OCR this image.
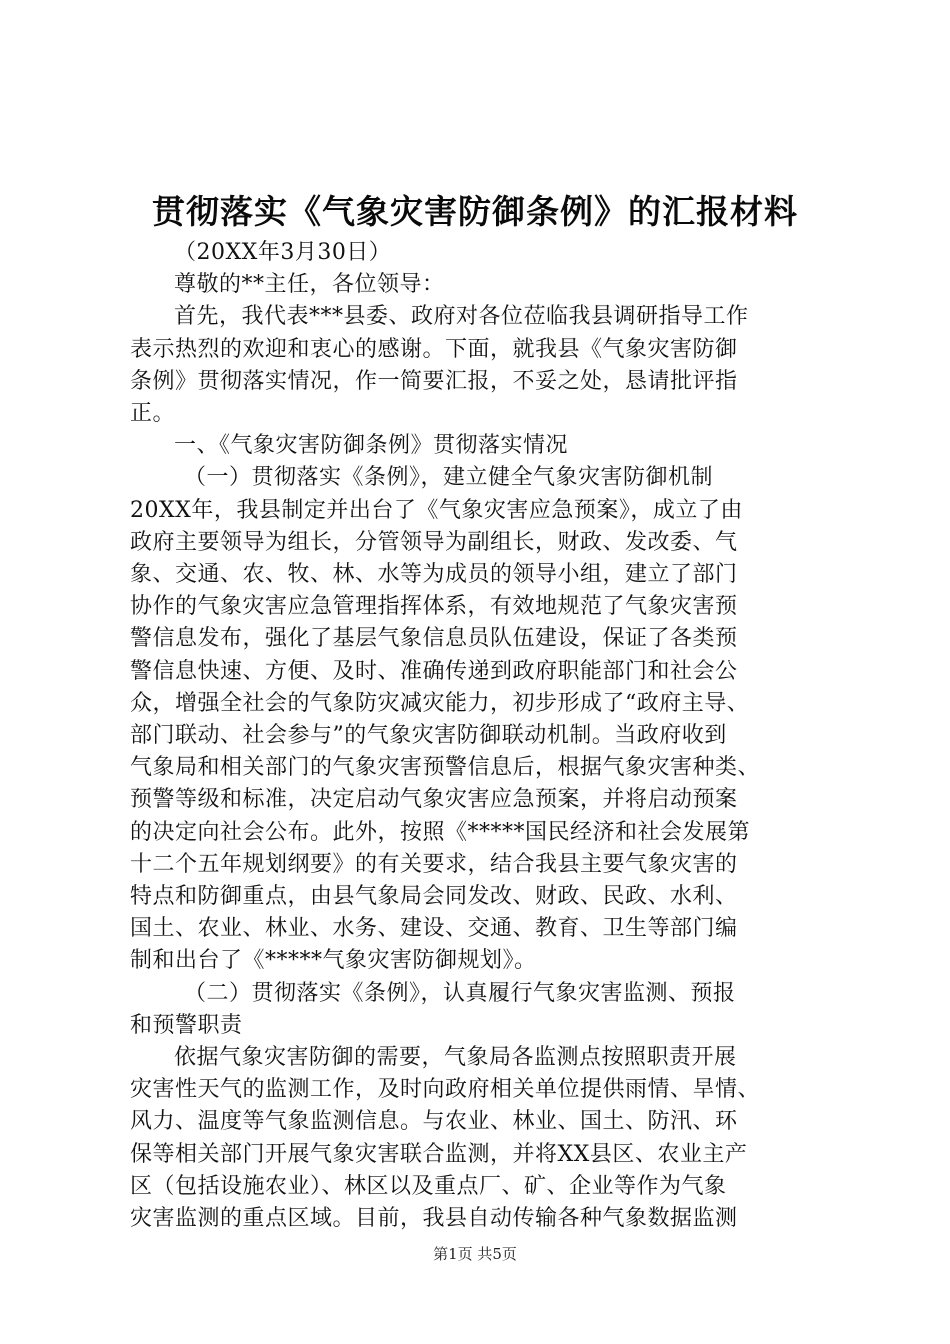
贯彻落实《气象灾害防御条例》的汇报材料

（20XX年3月30日）

尊敬的**主任，各位领导：

首先，我代表***县委、政府对各位莅临我县调研指导工作

表示热烈的欢迎和衷心的感谢。下面，就我县《气象灾害防御

条例》贯彻落实情况，作一简要汇报，不妥之处，恳请批评指

正。

一、《气象灾害防御条例》贯彻落实情况

（一）贯彻落实《条例》，建立健全气象灾害防御机制

20XX年，我县制定并出台了《气象灾害应急预案》，成立了由

政府主要领导为组长，分管领导为副组长，财政、发改委、气

象、交通、农、牧、林、水等为成员的领导小组，建立了部门

协作的气象灾害应急管理指挥体系，有效地规范了气象灾害预

警信息发布，强化了基层气象信息员队伍建设，保证了各类预

警信息快速、方便、及时、准确传递到政府职能部门和社会公

众，增强全社会的气象防灾减灾能力，初步形成了“政府主导、

部门联动、社会参与”的气象灾害防御联动机制。当政府收到

气象局和相关部门的气象灾害预警信息后，根据气象灾害种类、

预警等级和标准，决定启动气象灾害应急预案，并将启动预案

的决定向社会公布。此外，按照《*****国民经济和社会发展第

十二个五年规划纲要》的有关要求，结合我县主要气象灾害的

特点和防御重点，由县气象局会同发改、财政、民政、水利、

国土、农业、林业、水务、建设、交通、教育、卫生等部门编

制和出台了《*****气象灾害防御规划》。

（二）贯彻落实《条例》，认真履行气象灾害监测、预报

和预警职责

依据气象灾害防御的需要，气象局各监测点按照职责开展

灾害性天气的监测工作，及时向政府相关单位提供雨情、旱情、

风力、温度等气象监测信息。与农业、林业、国土、防汛、环

保等相关部门开展气象灾害联合监测，并将XX县区、农业主产

区（包括设施农业）、林区以及重点厂、矿、企业等作为气象

灾害监测的重点区域。目前，我县自动传输各种气象数据监测

第1页 共5页
